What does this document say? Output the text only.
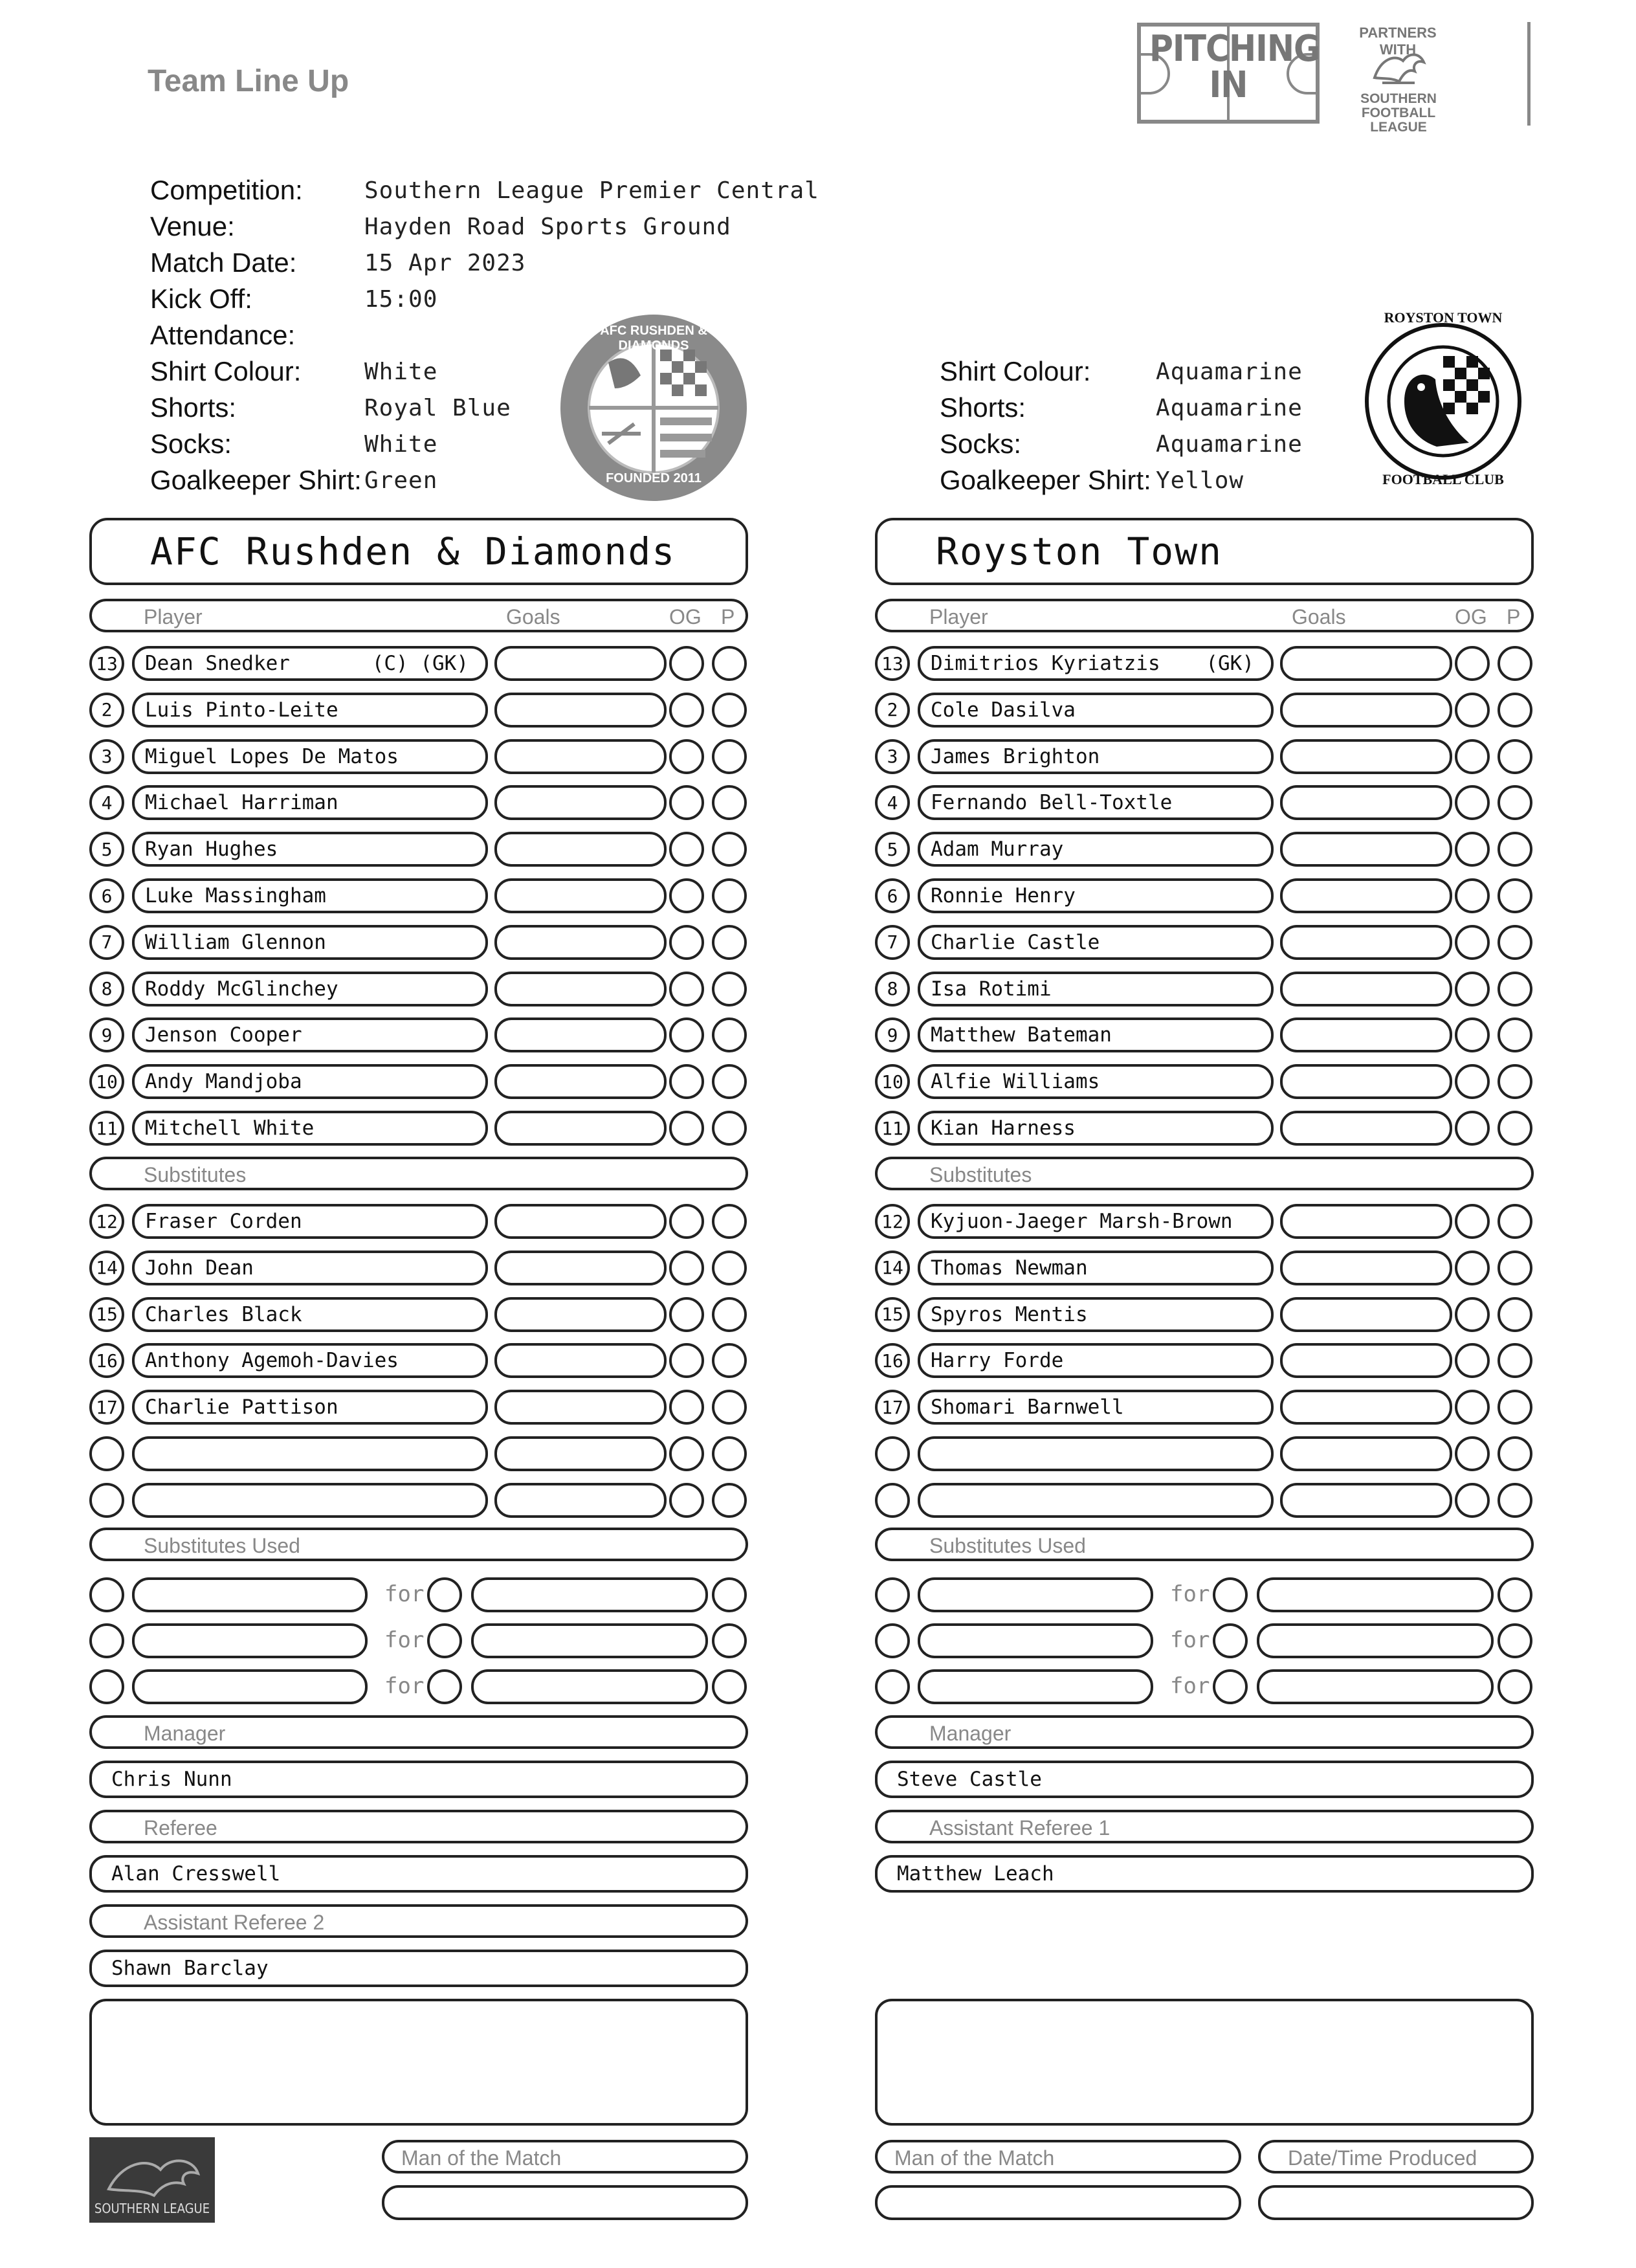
Team Line Up
PITCHING IN
PARTNERS WITH
SOUTHERN FOOTBALL LEAGUE
Competition:	Southern League Premier Central
Venue:	Hayden Road Sports Ground
Match Date:	15 Apr 2023
Kick Off:	15:00
Attendance:
Shirt Colour:	White
Shorts:	Royal Blue
Socks:	White
Goalkeeper Shirt: Green
AFC RUSHDEN & DIAMONDS
FOUNDED 2011
Shirt Colour:	Aquamarine
Shorts:	Aquamarine
Socks:	Aquamarine
Goalkeeper Shirt: Yellow
ROYSTON TOWN
FOOTBALL CLUB
AFC Rushden & Diamonds
Player	Goals	OG P
13	Dean Snedker	(C) (GK)
2	Luis Pinto-Leite
3	Miguel Lopes De Matos
4	Michael Harriman
5	Ryan Hughes
6	Luke Massingham
7	William Glennon
8	Roddy McGlinchey
9	Jenson Cooper
10	Andy Mandjoba
11	Mitchell White
Substitutes
12	Fraser Corden
14	John Dean
15	Charles Black
16	Anthony Agemoh-Davies
17	Charlie Pattison
Substitutes Used
for
for
for
Manager
Chris Nunn
Referee
Alan Cresswell
Assistant Referee 2
Shawn Barclay
Man of the Match
SOUTHERN LEAGUE
Royston Town
Player	Goals	OG P
13	Dimitrios Kyriatzis (GK)
2	Cole Dasilva
3	James Brighton
4	Fernando Bell-Toxtle
5	Adam Murray
6	Ronnie Henry
7	Charlie Castle
8	Isa Rotimi
9	Matthew Bateman
10	Alfie Williams
11	Kian Harness
Substitutes
12	Kyjuon-Jaeger Marsh-Brown
14	Thomas Newman
15	Spyros Mentis
16	Harry Forde
17	Shomari Barnwell
Substitutes Used
for
for
for
Manager
Steve Castle
Assistant Referee 1
Matthew Leach
Man of the Match	Date/Time Produced
